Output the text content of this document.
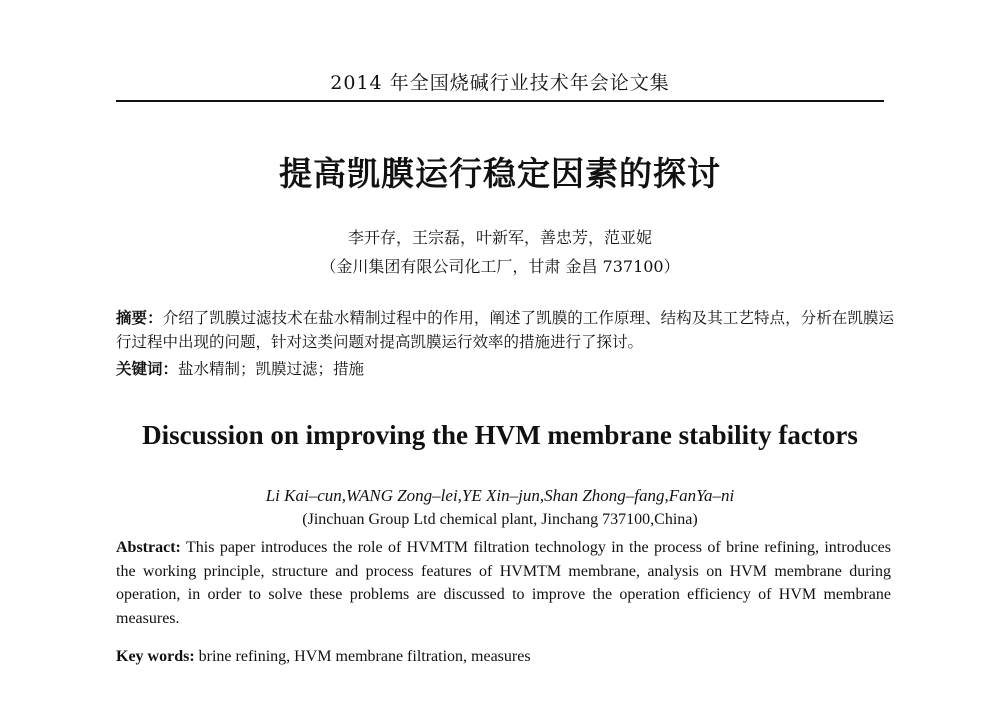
2014 年全国烧碱行业技术年会论文集
提高凯膜运行稳定因素的探讨
李开存，王宗磊，叶新军，善忠芳，范亚妮
（金川集团有限公司化工厂，甘肃 金昌 737100）
摘要：介绍了凯膜过滤技术在盐水精制过程中的作用，阐述了凯膜的工作原理、结构及其工艺特点，分析在凯膜运行过程中出现的问题，针对这类问题对提高凯膜运行效率的措施进行了探讨。
关键词：盐水精制；凯膜过滤；措施
Discussion on improving the HVM membrane stability factors
Li Kai–cun,WANG Zong–lei,YE Xin–jun,Shan Zhong–fang,FanYa–ni
(Jinchuan Group Ltd chemical plant, Jinchang 737100,China)
Abstract: This paper introduces the role of HVMTM filtration technology in the process of brine refining, introduces the working principle, structure and process features of HVMTM membrane, analysis on HVM membrane during operation, in order to solve these problems are discussed to improve the operation efficiency of HVM membrane measures.
Key words: brine refining, HVM membrane filtration, measures
